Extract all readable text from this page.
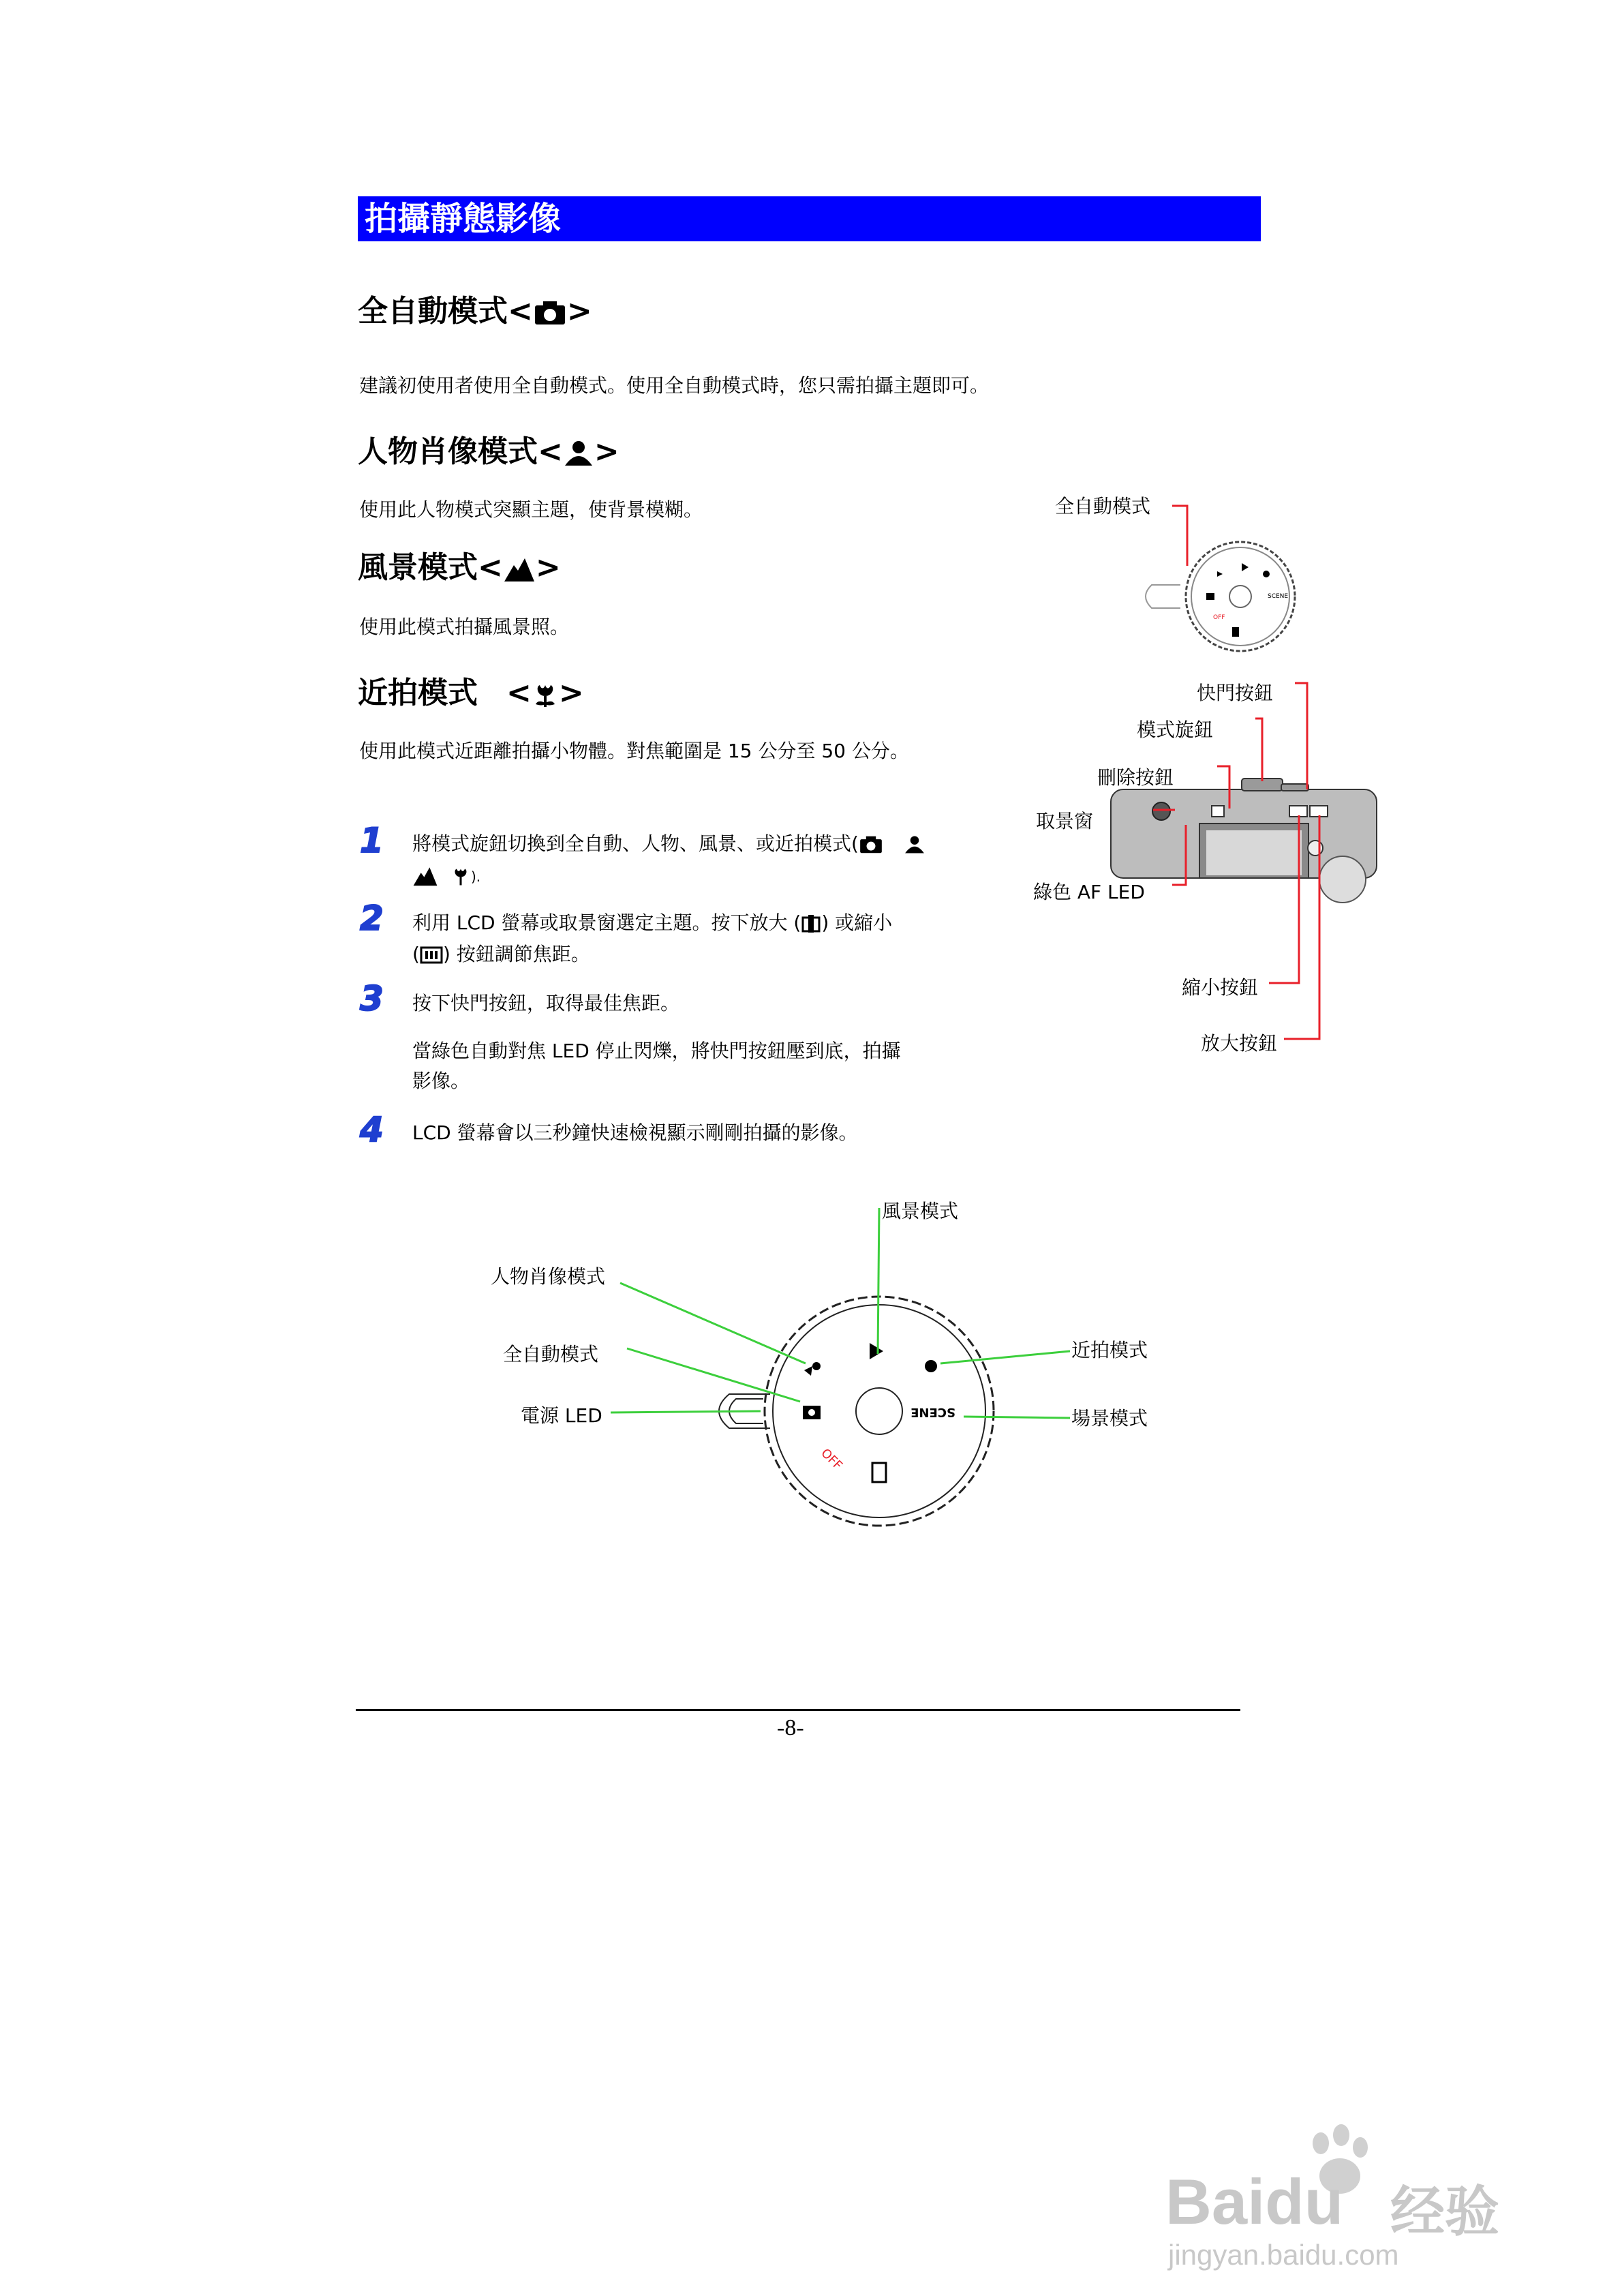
拍攝靜態影像
全自動模式< >
建議初使用者使用全自動模式。使用全自動模式時，您只需拍攝主題即可。
人物肖像模式< >
使用此人物模式突顯主題，使背景模糊。
風景模式< >
使用此模式拍攝風景照。
近拍模式 < >
使用此模式近距離拍攝小物體。對焦範圍是 15 公分至 50 公分。
1 將模式旋鈕切換到全自動、人物、風景、或近拍模式(
).
2 利用 LCD 螢幕或取景窗選定主題。按下放大 ( ) 或縮小
( ) 按鈕調節焦距。
3 按下快門按鈕，取得最佳焦距。
當綠色自動對焦 LED 停止閃爍，將快門按鈕壓到底，拍攝
影像。
4 LCD 螢幕會以三秒鐘快速檢視顯示剛剛拍攝的影像。
全自動模式
SCENE
OFF
快門按鈕
模式旋鈕
刪除按鈕
取景窗
綠色 AF LED
縮小按鈕
放大按鈕
風景模式
人物肖像模式
全自動模式
電源 LED
近拍模式
場景模式
SCENE
OFF
-8-
Baidu 经验
jingyan.baidu.com
